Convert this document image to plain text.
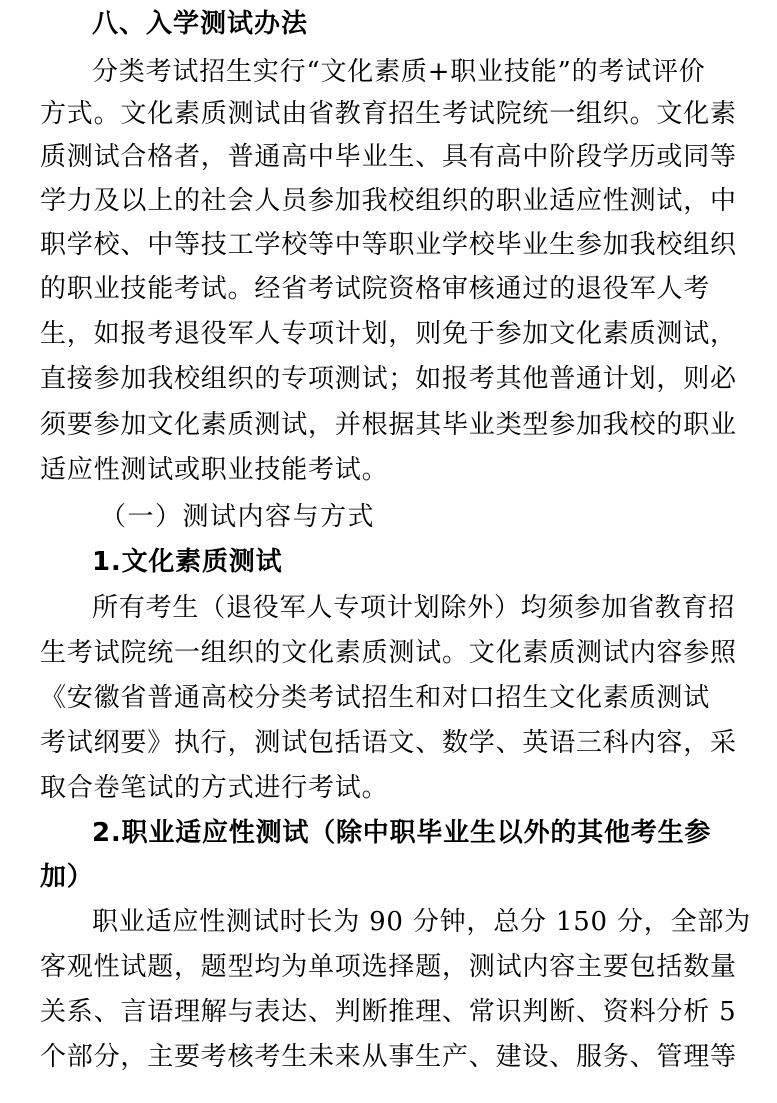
八、入学测试办法
分类考试招生实行“文化素质+职业技能”的考试评价
方式。文化素质测试由省教育招生考试院统一组织。文化素
质测试合格者，普通高中毕业生、具有高中阶段学历或同等
学力及以上的社会人员参加我校组织的职业适应性测试，中
职学校、中等技工学校等中等职业学校毕业生参加我校组织
的职业技能考试。经省考试院资格审核通过的退役军人考
生，如报考退役军人专项计划，则免于参加文化素质测试，
直接参加我校组织的专项测试；如报考其他普通计划，则必
须要参加文化素质测试，并根据其毕业类型参加我校的职业
适应性测试或职业技能考试。
（一）测试内容与方式
1.文化素质测试
所有考生（退役军人专项计划除外）均须参加省教育招
生考试院统一组织的文化素质测试。文化素质测试内容参照
《安徽省普通高校分类考试招生和对口招生文化素质测试
考试纲要》执行，测试包括语文、数学、英语三科内容，采
取合卷笔试的方式进行考试。
2.职业适应性测试（除中职毕业生以外的其他考生参
加）
职业适应性测试时长为 90 分钟，总分 150 分，全部为
客观性试题，题型均为单项选择题，测试内容主要包括数量
关系、言语理解与表达、判断推理、常识判断、资料分析 5
个部分，主要考核考生未来从事生产、建设、服务、管理等
